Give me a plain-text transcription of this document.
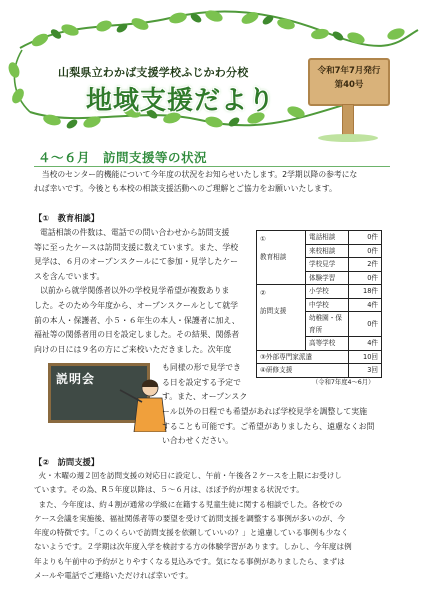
山梨県立わかば支援学校ふじかわ分校
地域支援だより
令和7年7月発行
第40号
４～６月　訪問支援等の状況
当校のセンター的機能について今年度の状況をお知らせいたします。2学期以降の参考にな
れば幸いです。今後とも本校の相談支援活動へのご理解とご協力をお願いいたします。
【①　教育相談】
電話相談の件数は、電話での問い合わせから訪問支援
等に至ったケースは訪問支援に数えています。また、学校
見学は、６月のオープンスクールにて参加・見学したケー
スを含んでいます。
以前から就学関係者以外の学校見学希望が複数ありま
した。そのため今年度から、オープンスクールとして就学
前の本人・保護者、小５・６年生の本人・保護者に加え、
福祉等の関係者用の日を設定しました。その結果、関係者
向けの日には９名の方にご来校いただきました。次年度
①
教育相談	電話相談	0件
	来校相談	0件
	学校見学	2件
	体験学習	0件

②
訪問支援	小学校	18件
	中学校	4件
	幼稚園・保育所	0件
	高等学校	4件
③外部専門家派遣		10回
④研修支援		3回
（令和7年度4～6月）
説明会
も同様の形で見学でき
る日を設定する予定で
す。また、オープンスク
ール以外の日程でも希望があれば学校見学を調整して実施
することも可能です。ご希望がありましたら、遠慮なくお問
い合わせください。
【②　訪問支援】
火・木曜の週２回を訪問支援の対応日に設定し、午前・午後各２ケースを上限にお受けし
ています。その為、R５年度以降は、５～６月は、ほぼ予約が埋まる状況です。
また、今年度は、約４割が通常の学級に在籍する児童生徒に関する相談でした。各校での
ケース会議を実施後、福祉関係者等の要望を受けて訪問支援を調整する事例が多いのが、今
年度の特徴です。「このくらいで訪問支援を依頼していいの？」と遠慮している事例も少なく
ないようです。２学期は次年度入学を検討する方の体験学習があります。しかし、今年度は例
年よりも午前中の予約がとりやすくなる見込みです。気になる事例がありましたら、まずは
メールや電話でご連絡いただければ幸いです。
